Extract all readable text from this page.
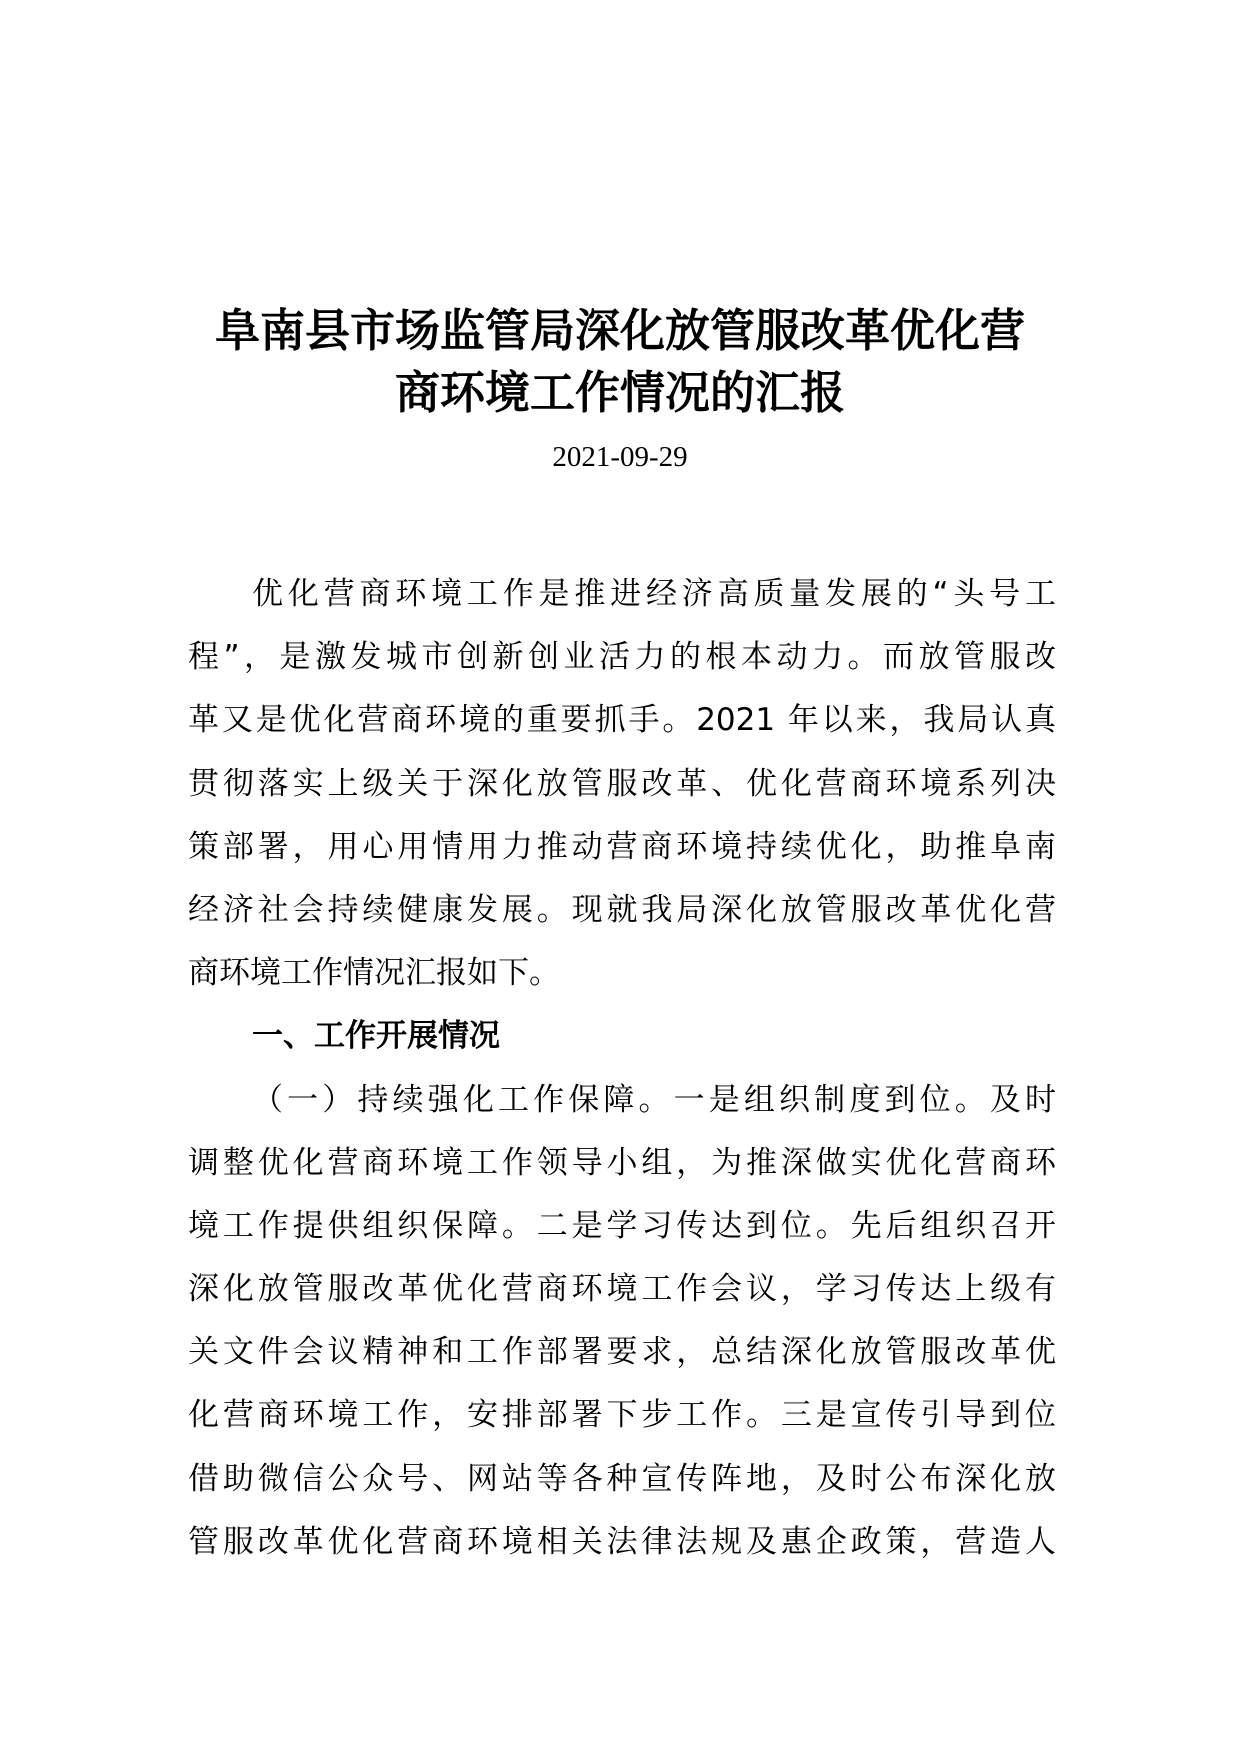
阜南县市场监管局深化放管服改革优化营
商环境工作情况的汇报
2021-09-29
优化营商环境工作是推进经济高质量发展的“头号工
程”，是激发城市创新创业活力的根本动力。而放管服改
革又是优化营商环境的重要抓手。2021 年以来，我局认真
贯彻落实上级关于深化放管服改革、优化营商环境系列决
策部署，用心用情用力推动营商环境持续优化，助推阜南
经济社会持续健康发展。现就我局深化放管服改革优化营
商环境工作情况汇报如下。
一、工作开展情况
（一）持续强化工作保障。一是组织制度到位。及时
调整优化营商环境工作领导小组，为推深做实优化营商环
境工作提供组织保障。二是学习传达到位。先后组织召开
深化放管服改革优化营商环境工作会议，学习传达上级有
关文件会议精神和工作部署要求，总结深化放管服改革优
化营商环境工作，安排部署下步工作。三是宣传引导到位
借助微信公众号、网站等各种宣传阵地，及时公布深化放
管服改革优化营商环境相关法律法规及惠企政策，营造人
